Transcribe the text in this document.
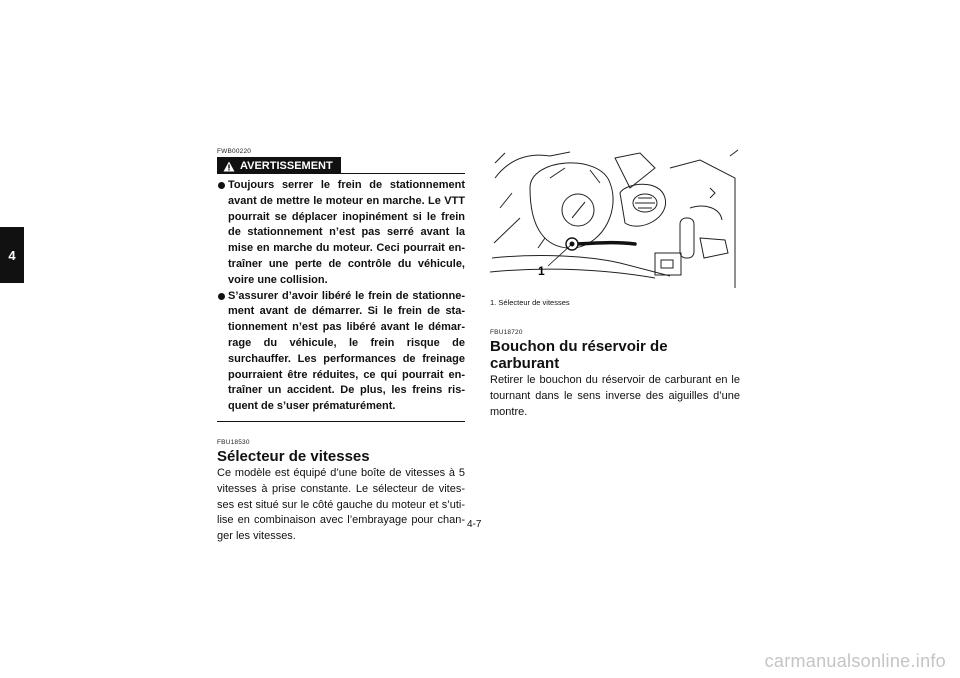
4
FWB00220
AVERTISSEMENT
Toujours serrer le frein de stationnement avant de mettre le moteur en marche. Le VTT pourrait se déplacer inopinément si le frein de stationnement n’est pas serré avant la mise en marche du moteur. Ceci pourrait en-traîner une perte de contrôle du véhicule, voire une collision.
S’assurer d’avoir libéré le frein de stationne-ment avant de démarrer. Si le frein de sta-tionnement n’est pas libéré avant le démar-rage du véhicule, le frein risque de surchauffer. Les performances de freinage pourraient être réduites, ce qui pourrait en-traîner un accident. De plus, les freins ris-quent de s’user prématurément.
FBU18530
Sélecteur de vitesses

Ce modèle est équipé d’une boîte de vitesses à 5 vitesses à prise constante. Le sélecteur de vites-ses est situé sur le côté gauche du moteur et s’uti-lise en combinaison avec l’embrayage pour chan-ger les vitesses.

1
1. Sélecteur de vitesses
FBU18720
Bouchon du réservoir de carburant

Retirer le bouchon du réservoir de carburant en le tournant dans le sens inverse des aiguilles d’une montre.

4-7
carmanualsonline.info
